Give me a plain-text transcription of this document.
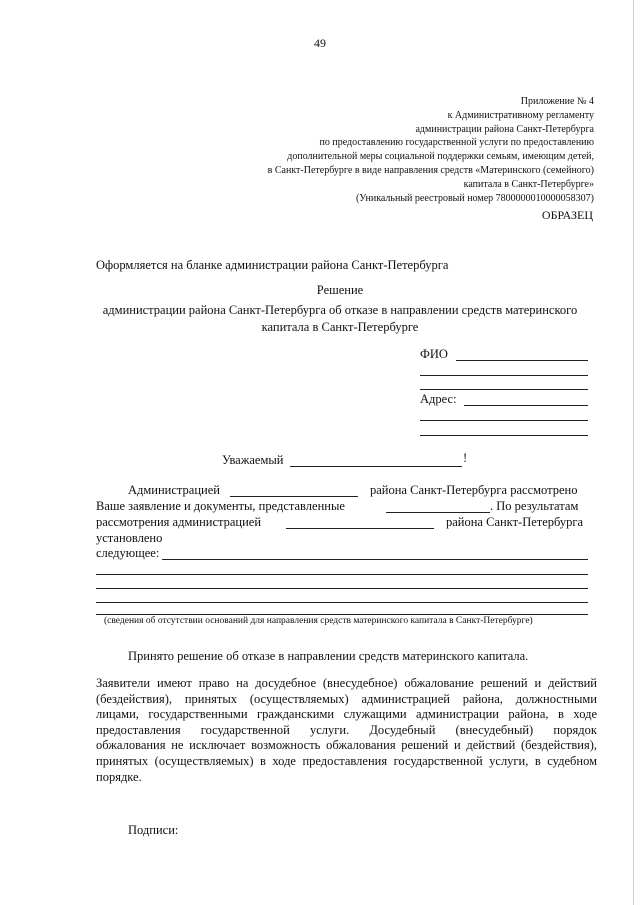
49
Приложение № 4
к Административному регламенту
администрации района Санкт-Петербурга
по предоставлению государственной услуги по предоставлению
дополнительной меры социальной поддержки семьям, имеющим детей,
в Санкт-Петербурге в виде направления средств «Материнского (семейного)
капитала в Санкт-Петербурге»
(Уникальный реестровый номер 7800000010000058307)
ОБРАЗЕЦ
Оформляется на бланке администрации района Санкт-Петербурга
Решение
администрации района Санкт-Петербурга об отказе в направлении средств материнского
капитала в Санкт-Петербурге
ФИО
Адрес:
Уважаемый	!
Администрацией	района Санкт-Петербурга рассмотрено
Ваше заявление и документы, представленные	. По результатам
рассмотрения администрацией	района Санкт-Петербурга
установлено
следующее:
(сведения об отсутствии оснований для направления средств материнского капитала в Санкт-Петербурге)
Принято решение об отказе в направлении средств материнского капитала.
Заявители имеют право на досудебное (внесудебное) обжалование решений и действий
(бездействия), принятых (осуществляемых) администрацией района, должностными
лицами, государственными гражданскими служащими администрации района, в ходе
предоставления государственной услуги. Досудебный (внесудебный) порядок
обжалования не исключает возможность обжалования решений и действий (бездействия),
принятых (осуществляемых) в ходе предоставления государственной услуги, в судебном
порядке.
Подписи:
